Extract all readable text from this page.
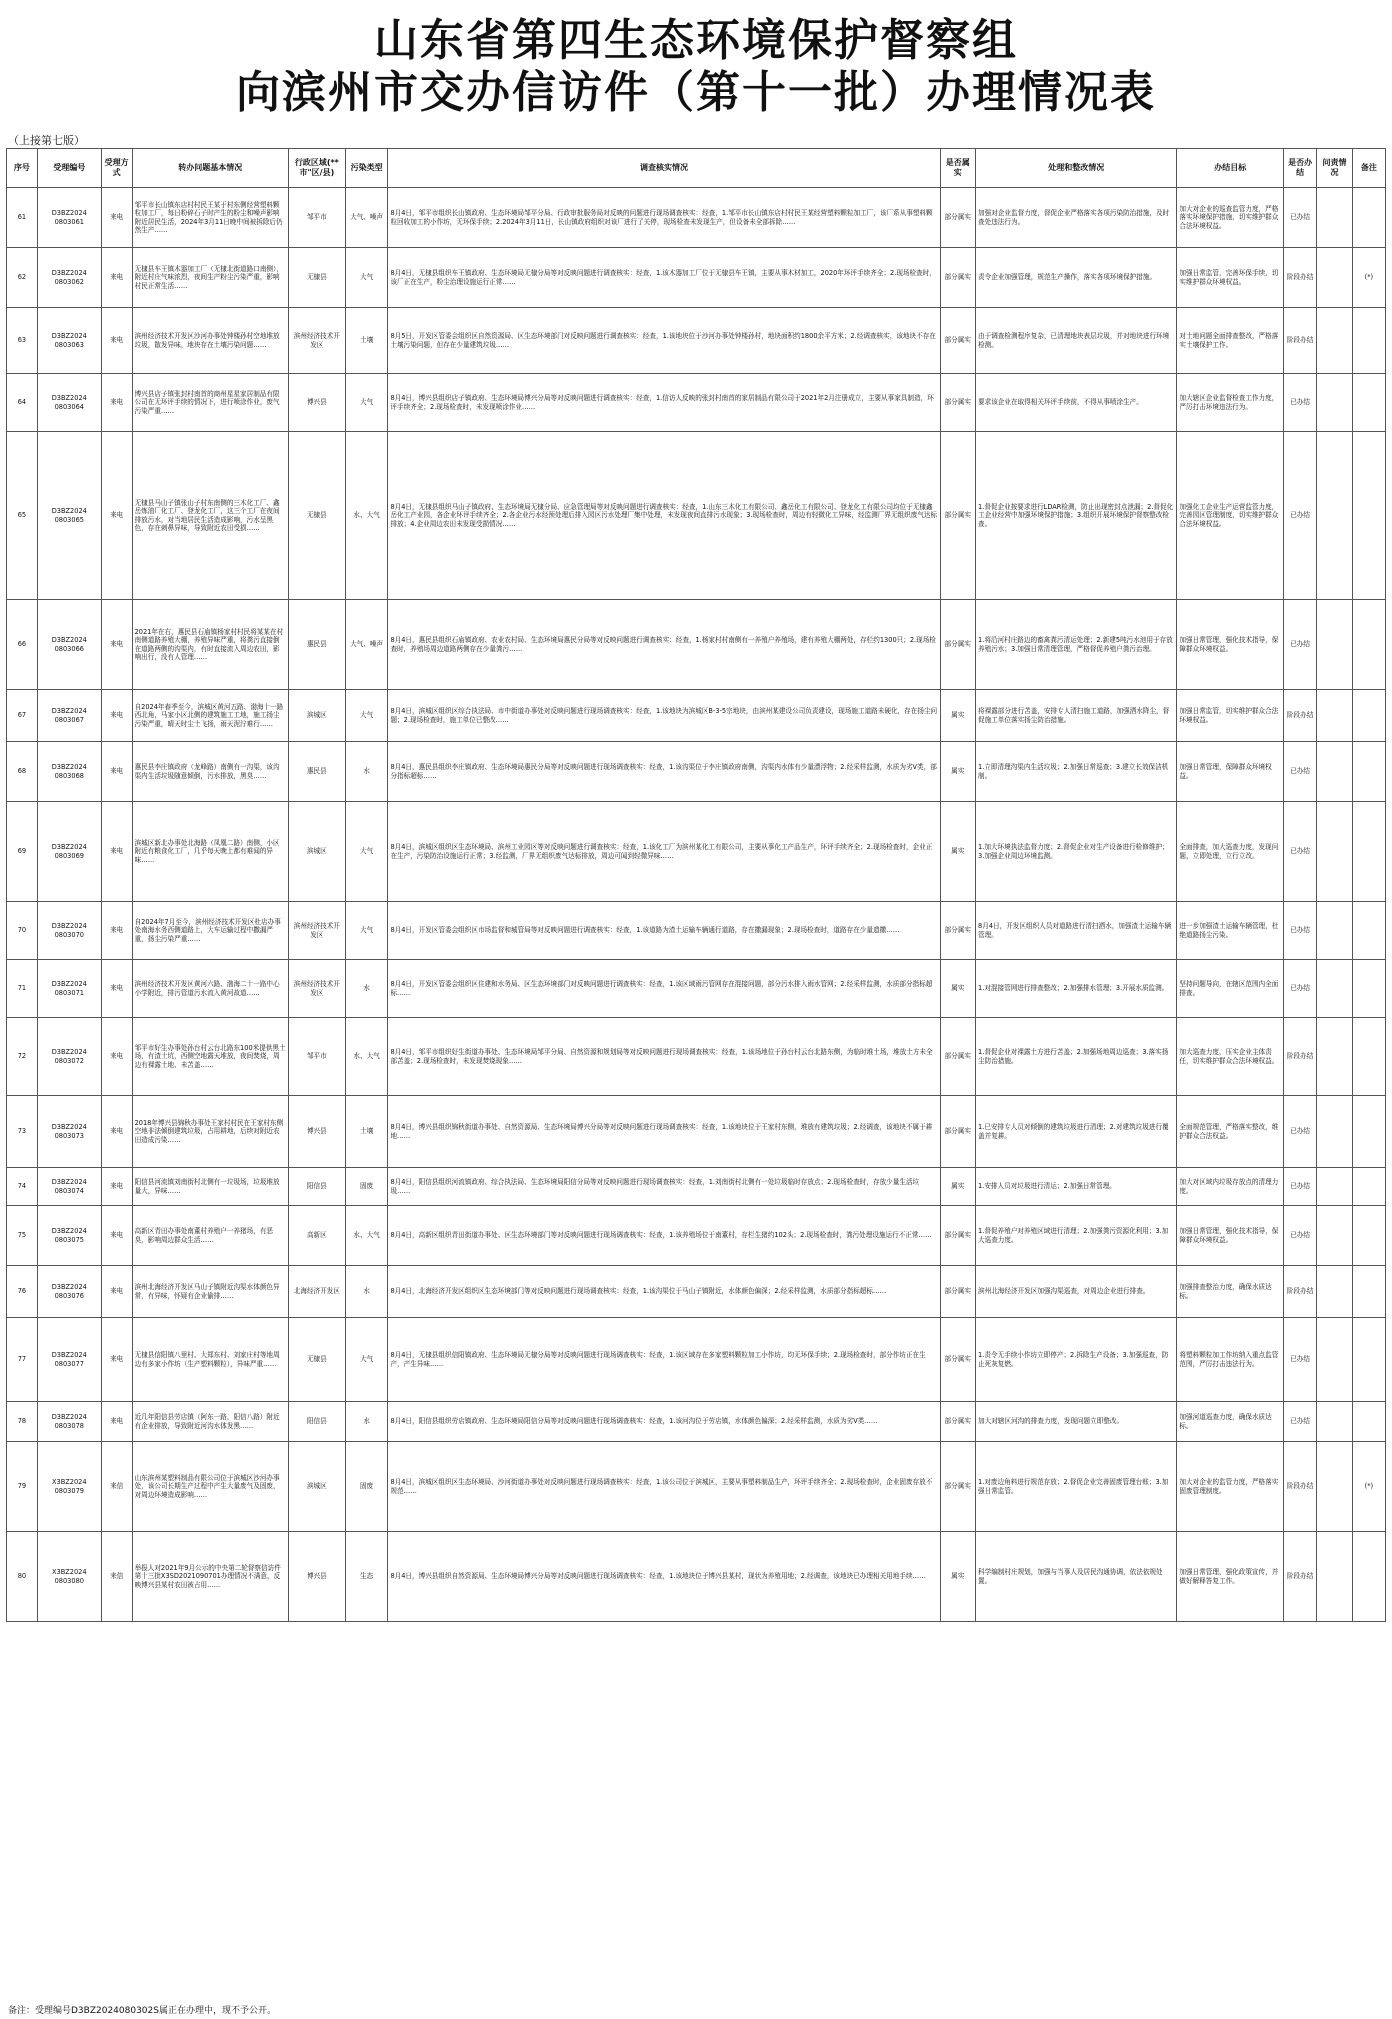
山东省第四生态环境保护督察组
向滨州市交办信访件（第十一批）办理情况表
（上接第七版）
序号	受理编号	受理方式	转办问题基本情况	行政区域(**市"区/县)	污染类型	调查核实情况	是否属实	处理和整改情况	办结目标	是否办结	问责情况	备注
61	D3BZ2024 0803061	来电	邹平市长山镇东店村村民王某于村东侧经营塑料颗粒加工厂，每日粉碎石子时产生的粉尘和噪声影响附近居民生活，2024年3月11日晚中间被拆除后仍然生产……	邹平市	大气、噪声	8月4日，邹平市组织长山镇政府、生态环境局邹平分局、行政审批服务局对反映的问题进行现场调查核实：经查，1.邹平市长山镇东店村村民王某经营塑料颗粒加工厂，该厂系从事塑料颗粒回收加工的小作坊，无环保手续；2.2024年3月11日，长山镇政府组织对该厂进行了关停，现场检查未发现生产，但设备未全部拆除……	部分属实	加强对企业监督力度，督促企业严格落实各项污染防治措施，及时查处违法行为。	加大对企业的巡查监管力度，严格落实环境保护措施，切实维护群众合法环境权益。	已办结		
62	D3BZ2024 0803062	来电	无棣县车王镇木器加工厂（无棣北街道路口南侧），附近村庄气味浓烈，夜间生产粉尘污染严重，影响村民正常生活……	无棣县	大气	8月4日，无棣县组织车王镇政府、生态环境局无棣分局等对反映问题进行调查核实：经查，1.该木器加工厂位于无棣县车王镇，主要从事木材加工，2020年环评手续齐全；2.现场检查时，该厂正在生产，粉尘治理设施运行正常……	部分属实	责令企业加强管理，规范生产操作，落实各项环境保护措施。	加强日常监管，完善环保手续，切实维护群众环境权益。	阶段办结		(*)
63	D3BZ2024 0803063	来电	滨州经济技术开发区沙河办事处钟楼孙村空地堆放垃圾，散发异味，地块存在土壤污染问题……	滨州经济技术开发区	土壤	8月5日，开发区管委会组织区自然资源局、区生态环境部门对反映问题进行调查核实：经查，1.该地块位于沙河办事处钟楼孙村，地块面积约1800余平方米；2.经调查核实，该地块不存在土壤污染问题，但存在少量建筑垃圾……	部分属实	由于调查检测程序复杂，已清理地块表层垃圾，并对地块进行环境检测。	对土地问题全面排查整改，严格落实土壤保护工作。	阶段办结		
64	D3BZ2024 0803064	来电	博兴县店子镇张封村南首的商州星星家居制品有限公司在无环评手续的情况下，进行喷涂作业，废气污染严重……	博兴县	大气	8月4日，博兴县组织店子镇政府、生态环境局博兴分局等对反映问题进行调查核实：经查，1.信访人反映的张封村南首的家居制品有限公司于2021年2月注册成立，主要从事家具制造，环评手续齐全；2.现场检查时，未发现喷涂作业……	部分属实	要求该企业在取得相关环评手续前，不得从事喷涂生产。	加大辖区企业监督检查工作力度，严厉打击环境违法行为。	已办结		
65	D3BZ2024 0803065	来电	无棣县马山子镇张山子村东南侧的三木化工厂、鑫岳炼油厂化工厂、登龙化工厂，这三个工厂在夜间排放污水，对当地居民生活造成影响，污水呈黑色，存在刺鼻异味，导致附近农田受损……	无棣县	水、大气	8月4日，无棣县组织马山子镇政府、生态环境局无棣分局、应急管理局等对反映问题进行调查核实：经查，1.山东三木化工有限公司、鑫岳化工有限公司、登龙化工有限公司均位于无棣鑫岳化工产业园，各企业环评手续齐全；2.各企业污水经预处理后排入园区污水处理厂集中处理，未发现夜间直排污水现象；3.现场检查时，周边有轻微化工异味，经监测厂界无组织废气达标排放；4.企业周边农田未发现受损情况……	部分属实	1.督促企业按要求进行LDAR检测，防止出现密封点泄漏；2.督促化工企业经营中加强环境保护措施；3.组织开展环境保护督察整改检查。	加强化工企业生产运营监管力度，完善园区管理制度，切实维护群众合法环境权益。	已办结		
66	D3BZ2024 0803066	来电	2021年在右，惠民县石庙镇杨家村村民将某某在村南侧道路养殖大棚，养殖异味严重，将粪污直接倒在道路两侧的沟渠内，有时直接流入周边农田，影响出行，没有人管理……	惠民县	大气、噪声	8月4日，惠民县组织石庙镇政府、农业农村局、生态环境局惠民分局等对反映问题进行调查核实：经查，1.杨家村村南侧有一养殖户养殖场，建有养殖大棚两处，存栏约1300只；2.现场检查时，养殖场周边道路两侧存在少量粪污……	部分属实	1.将沿河村庄路边的畜禽粪污清运处理；2.新建5吨污水池用于存放养殖污水；3.加强日常清理管理，严格督促养殖户粪污治理。	加强日常管理，强化技术指导，保障群众环境权益。	已办结		
67	D3BZ2024 0803067	来电	自2024年春季至今，滨城区黄河五路、渤海十一路西北角，马家小区北侧的建筑施工工地，施工扬尘污染严重，晴天时尘土飞扬，雨天泥泞难行……	滨城区	大气	8月4日，滨城区组织区综合执法局、市中街道办事处对反映问题进行现场调查核实：经查，1.该地块为滨城区B-3-5宗地块，由滨州某建设公司负责建设，现场施工道路未硬化，存在扬尘问题；2.现场检查时，施工单位已整改……	属实	将裸露部分进行苫盖，安排专人清扫施工道路，加强洒水降尘，督促施工单位落实扬尘防治措施。	加强日常监管，切实维护群众合法环境权益。	阶段办结		
68	D3BZ2024 0803068	来电	惠民县李庄镇政府（龙峰路）南侧有一沟渠，该沟渠内生活垃圾随意倾倒，污水排放，黑臭……	惠民县	水	8月4日，惠民县组织李庄镇政府、生态环境局惠民分局等对反映问题进行现场调查核实：经查，1.该沟渠位于李庄镇政府南侧，沟渠内水体有少量漂浮物；2.经采样监测，水质为劣V类，部分指标超标……	属实	1.立即清理沟渠内生活垃圾；2.加强日常巡查；3.建立长效保洁机制。	加强日常管理，保障群众环境权益。	已办结		
69	D3BZ2024 0803069	来电	滨城区新北办事处北海路（凤凰二路）南侧，小区附近有粮食化工厂，几乎每天晚上都有难闻的异味……	滨城区	大气	8月4日，滨城区组织区生态环境局、滨州工业园区等对反映问题进行调查核实：经查，1.该化工厂为滨州某化工有限公司，主要从事化工产品生产，环评手续齐全；2.现场检查时，企业正在生产，污染防治设施运行正常；3.经监测，厂界无组织废气达标排放，周边可闻到轻微异味……	属实	1.加大环境执法监督力度；2.督促企业对生产设备进行检修维护；3.加强企业周边环境监测。	全面排查，加大巡查力度，发现问题，立即处理，立行立改。	已办结		
70	D3BZ2024 0803070	来电	自2024年7月至今，滨州经济技术开发区杜店办事处南海水务西侧道路上，大车运输过程中撒漏严重，扬尘污染严重……	滨州经济技术开发区	大气	8月4日，开发区管委会组织区市场监督和城管局等对反映问题进行调查核实：经查，1.该道路为渣土运输车辆通行道路，存在撒漏现象；2.现场检查时，道路存在少量遗撒……	部分属实	8月4日，开发区组织人员对道路进行清扫洒水，加强渣土运输车辆管理。	进一步加强渣土运输车辆管理，杜绝道路扬尘污染。	已办结		
71	D3BZ2024 0803071	来电	滨州经济技术开发区黄河六路、渤海二十一路中心小学附近，排污管道污水流入黄河故道……	滨州经济技术开发区	水	8月4日，开发区管委会组织区住建和水务局、区生态环境部门对反映问题进行调查核实：经查，1.该区域雨污管网存在混接问题，部分污水排入雨水管网；2.经采样监测，水质部分指标超标……	属实	1.对混接管网进行排查整改；2.加强排水管理；3.开展水质监测。	坚持问题导向，在辖区范围内全面排查。	已办结		
72	D3BZ2024 0803072	来电	邹平市好生办事处孙台村云台北路东100米提供黑土场，有渣土坑，西侧空地露天堆放，夜间焚烧，周边有裸露土地、未苫盖……	邹平市	水、大气	8月4日，邹平市组织好生街道办事处、生态环境局邹平分局、自然资源和规划局等对反映问题进行现场调查核实：经查，1.该场地位于孙台村云台北路东侧，为临时堆土场，堆放土方未全部苫盖；2.现场检查时，未发现焚烧现象……	部分属实	1.督促企业对裸露土方进行苫盖；2.加强场地周边巡查；3.落实扬尘防治措施。	加大巡查力度，压实企业主体责任，切实维护群众合法环境权益。	阶段办结		
73	D3BZ2024 0803073	来电	2018年博兴县锦秋办事处王家村村民在王家村东侧空地非法倾倒建筑垃圾，占用耕地，后续对附近农田造成污染……	博兴县	土壤	8月4日，博兴县组织锦秋街道办事处、自然资源局、生态环境局博兴分局等对反映问题进行现场调查核实：经查，1.该地块位于王家村东侧，堆放有建筑垃圾；2.经调查，该地块不属于耕地……	部分属实	1.已安排专人员对倾倒的建筑垃圾进行清理；2.对建筑垃圾进行覆盖并复耕。	全面规范管理，严格落实整改，维护群众合法权益。	已办结		
74	D3BZ2024 0803074	来电	阳信县河流镇刘南街村北侧有一垃圾场，垃圾堆放量大，异味……	阳信县	固废	8月4日，阳信县组织河流镇政府、综合执法局、生态环境局阳信分局等对反映问题进行现场调查核实：经查，1.刘南街村北侧有一处垃圾临时存放点；2.现场检查时，存放少量生活垃圾……	属实	1.安排人员对垃圾进行清运；2.加强日常管理。	加大对区域内垃圾存放点的清理力度。	已办结		
75	D3BZ2024 0803075	来电	高新区青田办事处南董村养殖户一养猪场，有恶臭，影响周边群众生活……	高新区	水、大气	8月4日，高新区组织青田街道办事处、区生态环境部门等对反映问题进行现场调查核实：经查，1.该养殖场位于南董村，存栏生猪约102头；2.现场检查时，粪污处理设施运行不正常……	部分属实	1.督促养殖户对养殖区域进行清理；2.加强粪污资源化利用；3.加大巡查力度。	加强日常管理，强化技术指导，保障群众环境权益。	已办结		
76	D3BZ2024 0803076	来电	滨州北海经济开发区马山子镇附近沟渠水体颜色异常，有异味，怀疑有企业偷排……	北海经济开发区	水	8月4日，北海经济开发区组织区生态环境部门等对反映问题进行现场调查核实：经查，1.该沟渠位于马山子镇附近，水体颜色偏深；2.经采样监测，水质部分指标超标……	部分属实	滨州北海经济开发区加强沟渠巡查，对周边企业进行排查。	加强排查整治力度，确保水质达标。	阶段办结		
77	D3BZ2024 0803077	来电	无棣县信阳镇八里村、大郑东村、刘家庄村等地周边有多家小作坊（生产塑料颗粒），异味严重……	无棣县	大气	8月4日，无棣县组织信阳镇政府、生态环境局无棣分局等对反映问题进行现场调查核实：经查，1.该区域存在多家塑料颗粒加工小作坊，均无环保手续；2.现场检查时，部分作坊正在生产，产生异味……	部分属实	1.责令无手续小作坊立即停产；2.拆除生产设备；3.加强巡查，防止死灰复燃。	将塑料颗粒加工作坊纳入重点监管范围，严厉打击违法行为。	已办结		
78	D3BZ2024 0803078	来电	近几年阳信县劳店镇（阿东一路，阳信八路）附近有企业排放，导致附近河沟水体发黑……	阳信县	水	8月4日，阳信县组织劳店镇政府、生态环境局阳信分局等对反映问题进行现场调查核实：经查，1.该河沟位于劳店镇，水体颜色偏深；2.经采样监测，水质为劣V类……	部分属实	加大对辖区河沟的排查力度，发现问题立即整改。	加强河道巡查力度，确保水质达标。	已办结		
79	X3BZ2024 0803079	来信	山东滨州某塑料制品有限公司位于滨城区沙河办事处，该公司长期生产过程中产生大量废气及固废，对周边环境造成影响……	滨城区	固废	8月4日，滨城区组织区生态环境局、沙河街道办事处对反映问题进行现场调查核实：经查，1.该公司位于滨城区，主要从事塑料制品生产，环评手续齐全；2.现场检查时，企业固废存放不规范……	部分属实	1.对废边角料进行规范存放；2.督促企业完善固废管理台账；3.加强日常监管。	加大对企业的监管力度，严格落实固废管理制度。	阶段办结		(*)
80	X3BZ2024 0803080	来信	举报人对2021年9月公示的中央第二轮督察信访件第十三批X3SD2021090701办理情况不满意，反映博兴县某村农田被占用……	博兴县	生态	8月4日，博兴县组织自然资源局、生态环境局博兴分局等对反映问题进行现场调查核实：经查，1.该地块位于博兴县某村，现状为养殖用地；2.经调查，该地块已办理相关用地手续……	属实	科学编制村庄规划，加强与当事人及居民沟通协调，依法依规处置。	加强日常管理，强化政策宣传，并做好解释答复工作。	阶段办结		
备注：受理编号D3BZ2024080302S属正在办理中，现不予公开。
